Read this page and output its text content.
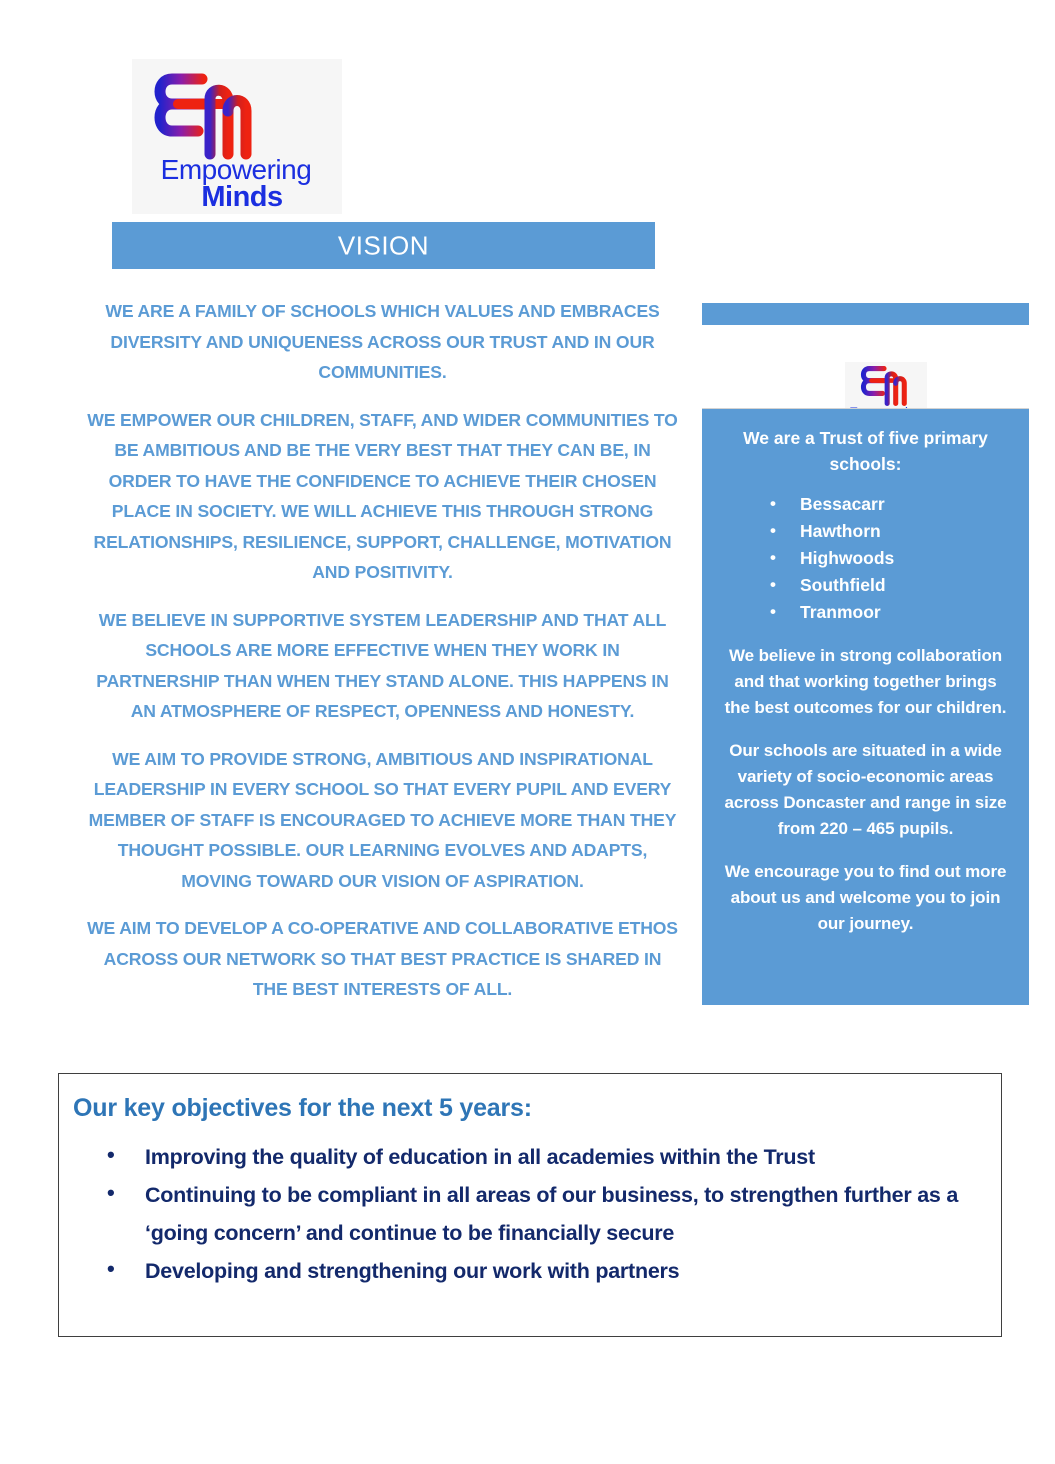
Empowering
Minds
VISION

WE ARE A FAMILY OF SCHOOLS WHICH VALUES AND EMBRACES DIVERSITY AND UNIQUENESS ACROSS OUR TRUST AND IN OUR COMMUNITIES.

WE EMPOWER OUR CHILDREN, STAFF, AND WIDER COMMUNITIES TO BE AMBITIOUS AND BE THE VERY BEST THAT THEY CAN BE, IN ORDER TO HAVE THE CONFIDENCE TO ACHIEVE THEIR CHOSEN PLACE IN SOCIETY. WE WILL ACHIEVE THIS THROUGH STRONG RELATIONSHIPS, RESILIENCE, SUPPORT, CHALLENGE, MOTIVATION AND POSITIVITY.

WE BELIEVE IN SUPPORTIVE SYSTEM LEADERSHIP AND THAT ALL SCHOOLS ARE MORE EFFECTIVE WHEN THEY WORK IN PARTNERSHIP THAN WHEN THEY STAND ALONE. THIS HAPPENS IN AN ATMOSPHERE OF RESPECT, OPENNESS AND HONESTY.

WE AIM TO PROVIDE STRONG, AMBITIOUS AND INSPIRATIONAL LEADERSHIP IN EVERY SCHOOL SO THAT EVERY PUPIL AND EVERY MEMBER OF STAFF IS ENCOURAGED TO ACHIEVE MORE THAN THEY THOUGHT POSSIBLE. OUR LEARNING EVOLVES AND ADAPTS, MOVING TOWARD OUR VISION OF ASPIRATION.

WE AIM TO DEVELOP A CO-OPERATIVE AND COLLABORATIVE ETHOS ACROSS OUR NETWORK SO THAT BEST PRACTICE IS SHARED IN THE BEST INTERESTS OF ALL.

We are a Trust of five primary schools:

• Bessacarr
• Hawthorn
• Highwoods
• Southfield
• Tranmoor

We believe in strong collaboration and that working together brings the best outcomes for our children.

Our schools are situated in a wide variety of socio-economic areas across Doncaster and range in size from 220 – 465 pupils.

We encourage you to find out more about us and welcome you to join our journey.

Our key objectives for the next 5 years:
• Improving the quality of education in all academies within the Trust
• Continuing to be compliant in all areas of our business, to strengthen further as a ‘going concern’ and continue to be financially secure
• Developing and strengthening our work with partners
